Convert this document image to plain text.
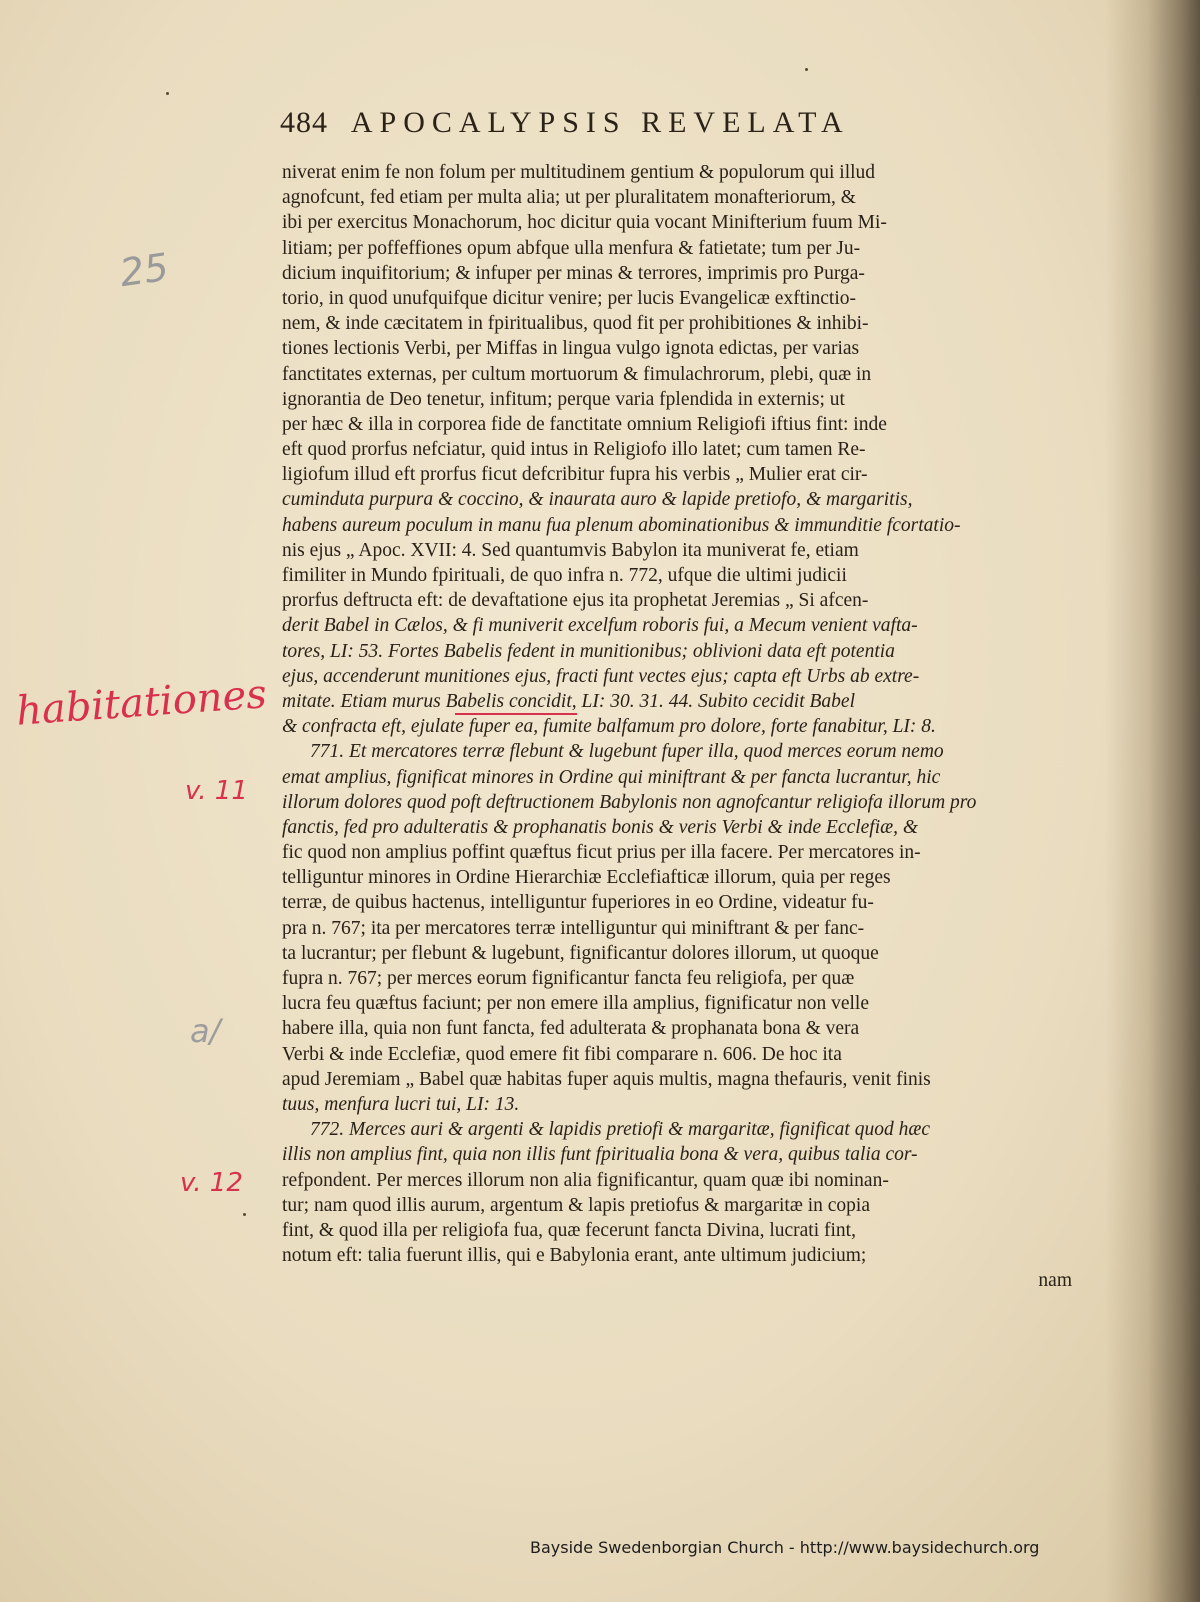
484 APOCALYPSIS REVELATA
niverat enim fe non folum per multitudinem gentium & populorum qui illud
agnofcunt, fed etiam per multa alia; ut per pluralitatem monafteriorum, &
ibi per exercitus Monachorum, hoc dicitur quia vocant Minifterium fuum Mi-
litiam; per poffeffiones opum abfque ulla menfura & fatietate; tum per Ju-
dicium inquifitorium; & infuper per minas & terrores, imprimis pro Purga-
torio, in quod unufquifque dicitur venire; per lucis Evangelicæ exftinctio-
nem, & inde cæcitatem in fpiritualibus, quod fit per prohibitiones & inhibi-
tiones lectionis Verbi, per Miffas in lingua vulgo ignota edictas, per varias
fanctitates externas, per cultum mortuorum & fimulachrorum, plebi, quæ in
ignorantia de Deo tenetur, infitum; perque varia fplendida in externis; ut
per hæc & illa in corporea fide de fanctitate omnium Religiofi iftius fint: inde
eft quod prorfus nefciatur, quid intus in Religiofo illo latet; cum tamen Re-
ligiofum illud eft prorfus ficut defcribitur fupra his verbis „ Mulier erat cir-
cuminduta purpura & coccino, & inaurata auro & lapide pretiofo, & margaritis,
habens aureum poculum in manu fua plenum abominationibus & immunditie fcortatio-
nis ejus „ Apoc. XVII: 4. Sed quantumvis Babylon ita muniverat fe, etiam
fimiliter in Mundo fpirituali, de quo infra n. 772, ufque die ultimi judicii
prorfus deftructa eft: de devaftatione ejus ita prophetat Jeremias „ Si afcen-
derit Babel in Cælos, & fi muniverit excelfum roboris fui, a Mecum venient vafta-
tores, LI: 53. Fortes Babelis fedent in munitionibus; oblivioni data eft potentia
ejus, accenderunt munitiones ejus, fracti funt vectes ejus; capta eft Urbs ab extre-
mitate. Etiam murus Babelis concidit, LI: 30. 31. 44. Subito cecidit Babel
& confracta eft, ejulate fuper ea, fumite balfamum pro dolore, forte fanabitur, LI: 8.
771. Et mercatores terræ flebunt & lugebunt fuper illa, quod merces eorum nemo
emat amplius, fignificat minores in Ordine qui miniftrant & per fancta lucrantur, hic
illorum dolores quod poft deftructionem Babylonis non agnofcantur religiofa illorum pro
fanctis, fed pro adulteratis & prophanatis bonis & veris Verbi & inde Ecclefiæ, &
fic quod non amplius poffint quæftus ficut prius per illa facere. Per mercatores in-
telliguntur minores in Ordine Hierarchiæ Ecclefiafticæ illorum, quia per reges
terræ, de quibus hactenus, intelliguntur fuperiores in eo Ordine, videatur fu-
pra n. 767; ita per mercatores terræ intelliguntur qui miniftrant & per fanc-
ta lucrantur; per flebunt & lugebunt, fignificantur dolores illorum, ut quoque
fupra n. 767; per merces eorum fignificantur fancta feu religiofa, per quæ
lucra feu quæftus faciunt; per non emere illa amplius, fignificatur non velle
habere illa, quia non funt fancta, fed adulterata & prophanata bona & vera
Verbi & inde Ecclefiæ, quod emere fit fibi comparare n. 606. De hoc ita
apud Jeremiam „ Babel quæ habitas fuper aquis multis, magna thefauris, venit finis
tuus, menfura lucri tui, LI: 13.
772. Merces auri & argenti & lapidis pretiofi & margaritæ, fignificat quod hæc
illis non amplius fint, quia non illis funt fpiritualia bona & vera, quibus talia cor-
refpondent. Per merces illorum non alia fignificantur, quam quæ ibi nominan-
tur; nam quod illis aurum, argentum & lapis pretiofus & margaritæ in copia
fint, & quod illa per religiofa fua, quæ fecerunt fancta Divina, lucrati fint,
notum eft: talia fuerunt illis, qui e Babylonia erant, ante ultimum judicium;
nam
25
habitationes
v. 11
a/
v. 12
Bayside Swedenborgian Church - http://www.baysidechurch.org
